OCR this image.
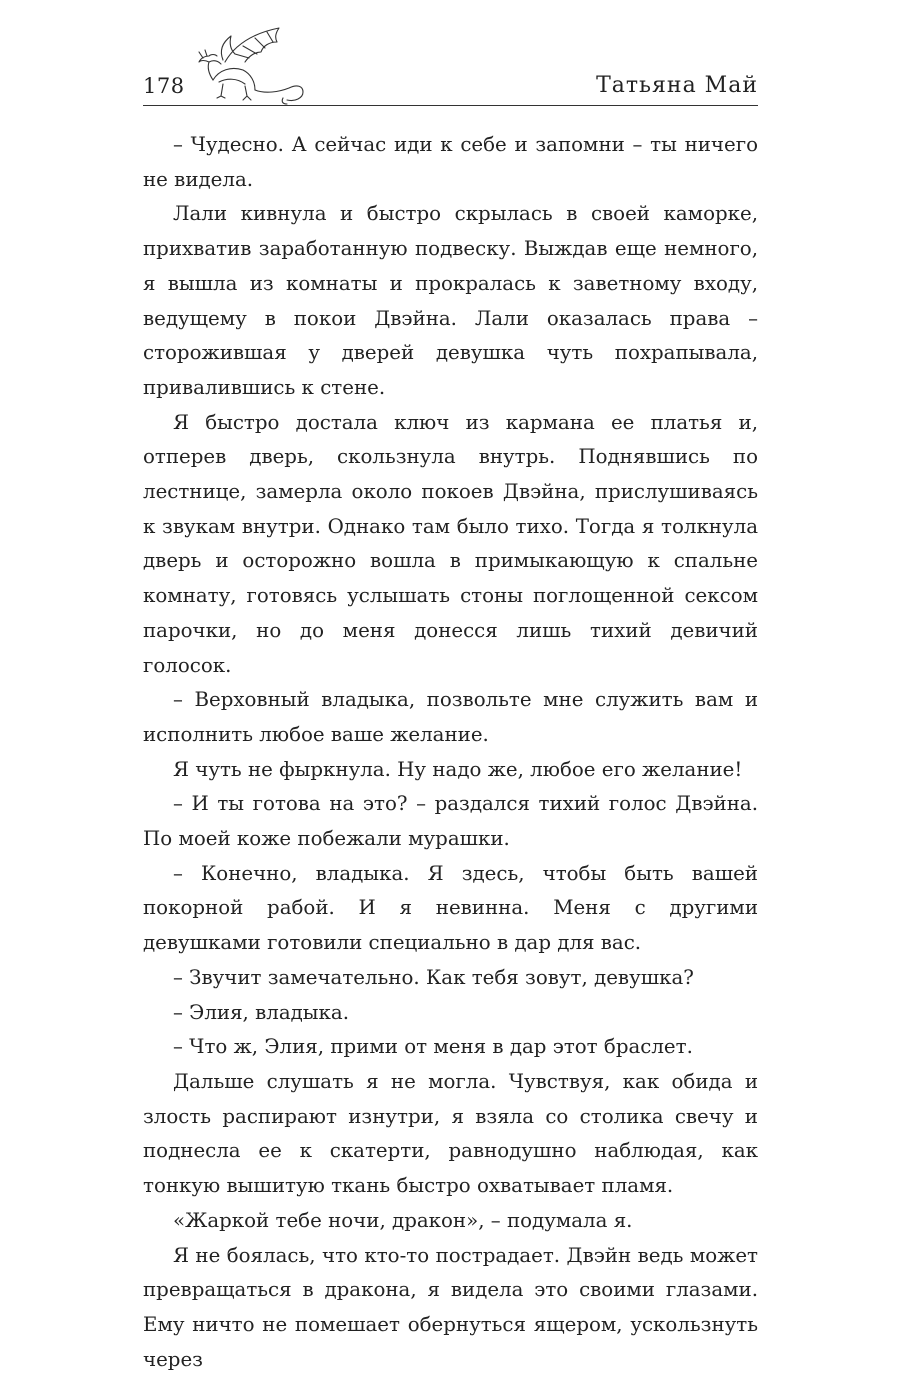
178	Татьяна Май

– Чудесно. А сейчас иди к себе и запомни – ты ничего не видела.

Лали кивнула и быстро скрылась в своей каморке, прихватив заработанную подвеску. Выждав еще немного, я вышла из комнаты и прокралась к заветному входу, ведущему в покои Двэйна. Лали оказалась права – сторожившая у дверей девушка чуть похрапывала, привалившись к стене.

Я быстро достала ключ из кармана ее платья и, отперев дверь, скользнула внутрь. Поднявшись по лестнице, замерла около покоев Двэйна, прислушиваясь к звукам внутри. Однако там было тихо. Тогда я толкнула дверь и осторожно вошла в примыкающую к спальне комнату, готовясь услышать стоны поглощенной сексом парочки, но до меня донесся лишь тихий девичий голосок.

– Верховный владыка, позвольте мне служить вам и исполнить любое ваше желание.

Я чуть не фыркнула. Ну надо же, любое его желание!

– И ты готова на это? – раздался тихий голос Двэйна. По моей коже побежали мурашки.

– Конечно, владыка. Я здесь, чтобы быть вашей покорной рабой. И я невинна. Меня с другими девушками готовили специально в дар для вас.

– Звучит замечательно. Как тебя зовут, девушка?

– Элия, владыка.

– Что ж, Элия, прими от меня в дар этот браслет.

Дальше слушать я не могла. Чувствуя, как обида и злость распирают изнутри, я взяла со столика свечу и поднесла ее к скатерти, равнодушно наблюдая, как тонкую вышитую ткань быстро охватывает пламя.

«Жаркой тебе ночи, дракон», – подумала я.

Я не боялась, что кто-то пострадает. Двэйн ведь может превращаться в дракона, я видела это своими глазами. Ему ничто не помешает обернуться ящером, ускользнуть через
